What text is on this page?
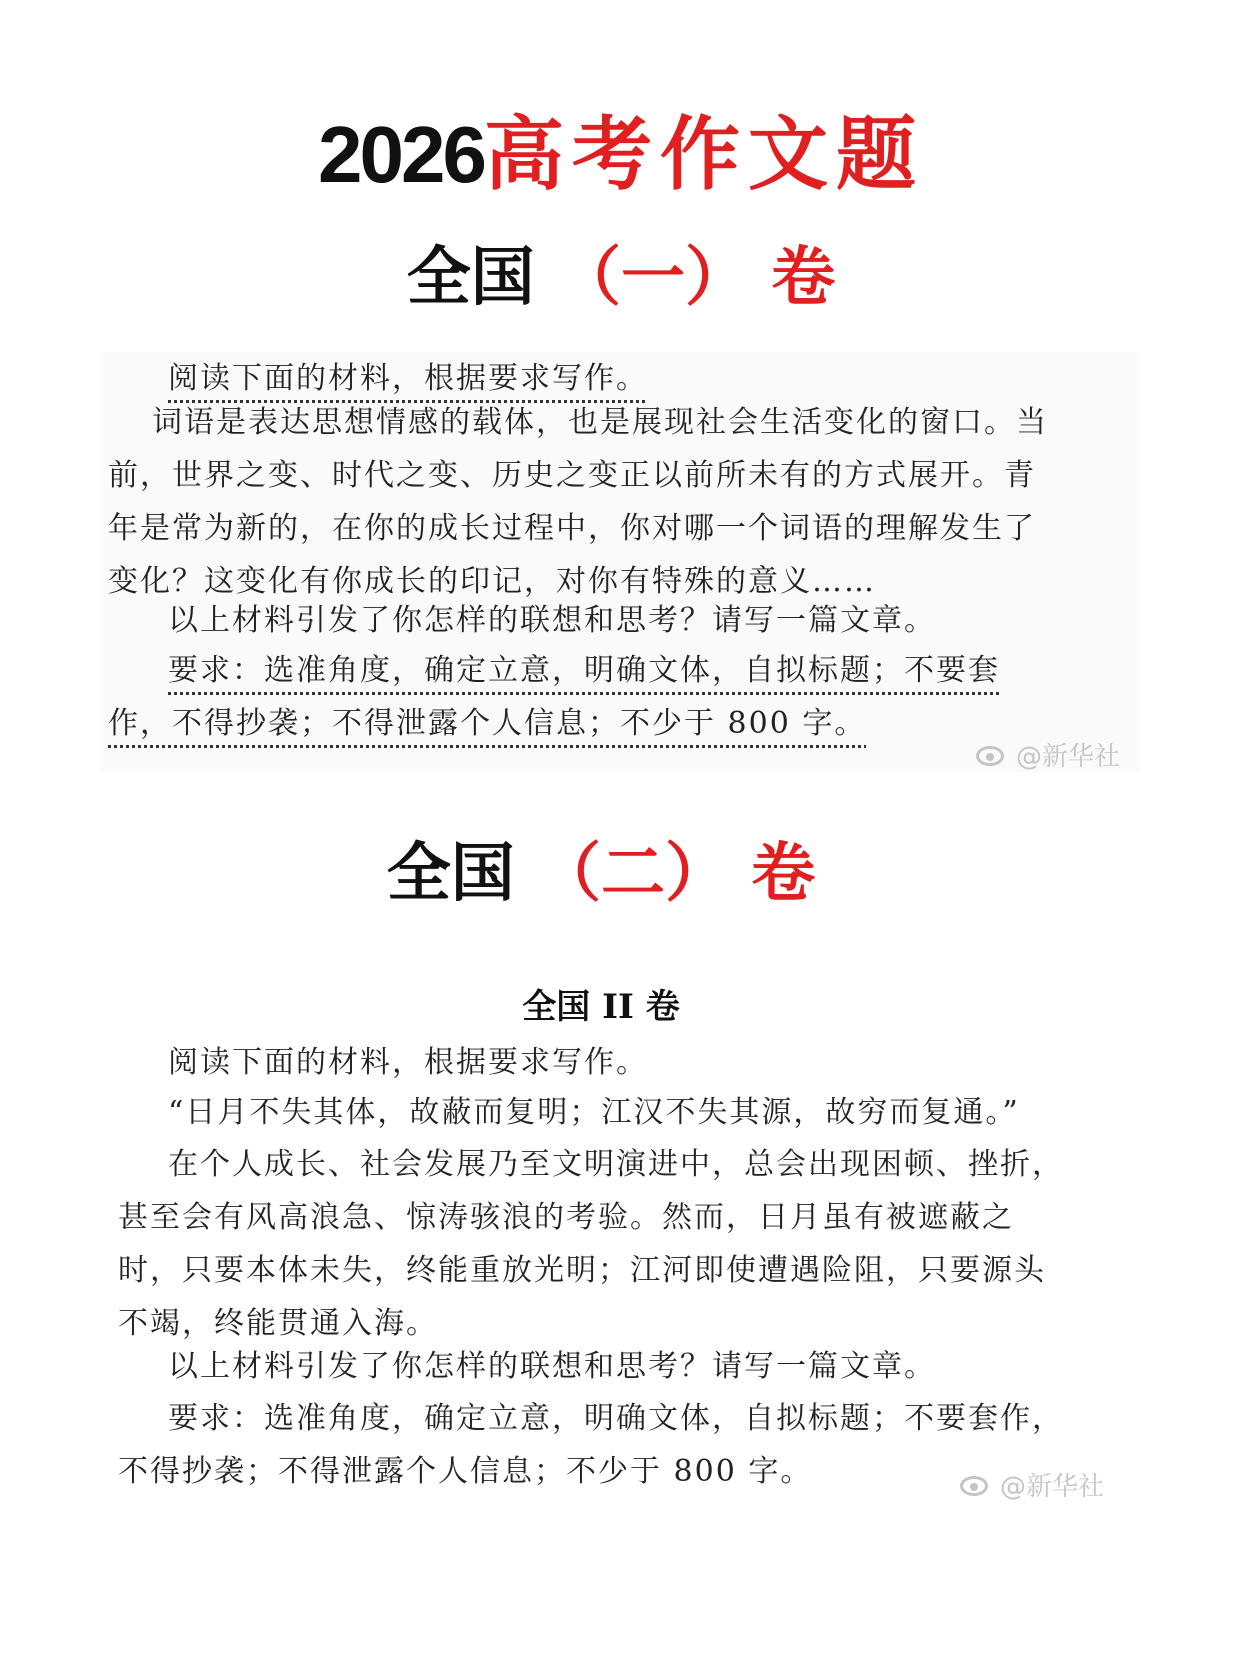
2026高考作文题
全国 （一） 卷

阅读下面的材料，根据要求写作。

词语是表达思想情感的载体，也是展现社会生活变化的窗口。当前，世界之变、时代之变、历史之变正以前所未有的方式展开。青年是常为新的，在你的成长过程中，你对哪一个词语的理解发生了变化？这变化有你成长的印记，对你有特殊的意义……

以上材料引发了你怎样的联想和思考？请写一篇文章。

要求：选准角度，确定立意，明确文体，自拟标题；不要套作，不得抄袭；不得泄露个人信息；不少于 800 字。

@新华社
全国 （二） 卷
全国 II 卷

阅读下面的材料，根据要求写作。

“日月不失其体，故蔽而复明；江汉不失其源，故穷而复通。”

在个人成长、社会发展乃至文明演进中，总会出现困顿、挫折，甚至会有风高浪急、惊涛骇浪的考验。然而，日月虽有被遮蔽之时，只要本体未失，终能重放光明；江河即使遭遇险阻，只要源头不竭，终能贯通入海。

以上材料引发了你怎样的联想和思考？请写一篇文章。

要求：选准角度，确定立意，明确文体，自拟标题；不要套作，不得抄袭；不得泄露个人信息；不少于 800 字。	@新华社
